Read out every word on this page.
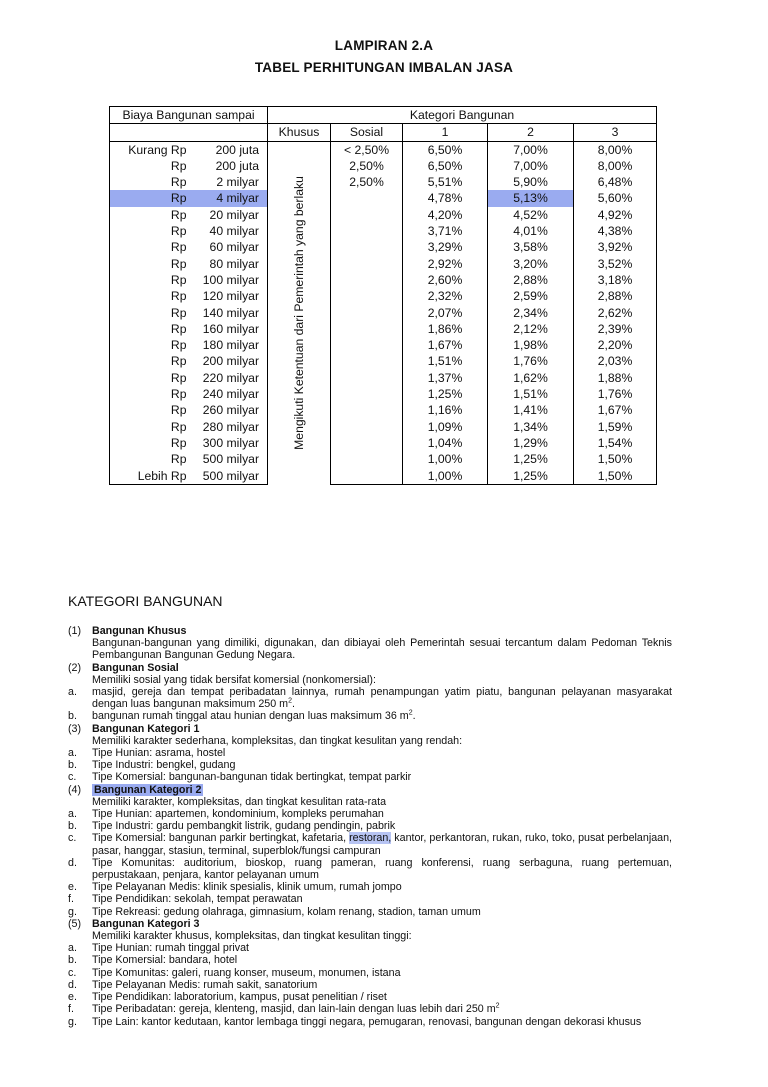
LAMPIRAN 2.A
TABEL PERHITUNGAN IMBALAN JASA
Biaya Bangunan sampai		Kategori Bangunan				
		Khusus	Sosial	1	2	3
Kurang Rp	200 juta	Mengikuti Ketentuan dari Pemerintah yang berlaku	< 2,50%	6,50%	7,00%	8,00%
Rp	200 juta		2,50%	6,50%	7,00%	8,00%
Rp	2 milyar		2,50%	5,51%	5,90%	6,48%
Rp	4 milyar			4,78%	5,13%	5,60%
Rp	20 milyar			4,20%	4,52%	4,92%
Rp	40 milyar			3,71%	4,01%	4,38%
Rp	60 milyar			3,29%	3,58%	3,92%
Rp	80 milyar			2,92%	3,20%	3,52%
Rp	100 milyar			2,60%	2,88%	3,18%
Rp	120 milyar			2,32%	2,59%	2,88%
Rp	140 milyar			2,07%	2,34%	2,62%
Rp	160 milyar			1,86%	2,12%	2,39%
Rp	180 milyar			1,67%	1,98%	2,20%
Rp	200 milyar			1,51%	1,76%	2,03%
Rp	220 milyar			1,37%	1,62%	1,88%
Rp	240 milyar			1,25%	1,51%	1,76%
Rp	260 milyar			1,16%	1,41%	1,67%
Rp	280 milyar			1,09%	1,34%	1,59%
Rp	300 milyar			1,04%	1,29%	1,54%
Rp	500 milyar			1,00%	1,25%	1,50%
Lebih Rp	500 milyar			1,00%	1,25%	1,50%
KATEGORI BANGUNAN
(1) Bangunan Khusus
Bangunan-bangunan yang dimiliki, digunakan, dan dibiayai oleh Pemerintah sesuai tercantum dalam Pedoman Teknis Pembangunan Bangunan Gedung Negara.
(2) Bangunan Sosial
Memiliki sosial yang tidak bersifat komersial (nonkomersial):
a. masjid, gereja dan tempat peribadatan lainnya, rumah penampungan yatim piatu, bangunan pelayanan masyarakat dengan luas bangunan maksimum 250 $m^2$.
b. bangunan rumah tinggal atau hunian dengan luas maksimum 36 $m^2$.
(3) Bangunan Kategori 1
Memiliki karakter sederhana, kompleksitas, dan tingkat kesulitan yang rendah:
a. Tipe Hunian: asrama, hostel
b. Tipe Industri: bengkel, gudang
c. Tipe Komersial: bangunan-bangunan tidak bertingkat, tempat parkir
(4) Bangunan Kategori 2
Memiliki karakter, kompleksitas, dan tingkat kesulitan rata-rata
a. Tipe Hunian: apartemen, kondominium, kompleks perumahan
b. Tipe Industri: gardu pembangkit listrik, gudang pendingin, pabrik
c. Tipe Komersial: bangunan parkir bertingkat, kafetaria, restoran, kantor, perkantoran, rukan, ruko, toko, pusat perbelanjaan, pasar, hanggar, stasiun, terminal, superblok/fungsi campuran
d. Tipe Komunitas: auditorium, bioskop, ruang pameran, ruang konferensi, ruang serbaguna, ruang pertemuan, perpustakaan, penjara, kantor pelayanan umum
e. Tipe Pelayanan Medis: klinik spesialis, klinik umum, rumah jompo
f. Tipe Pendidikan: sekolah, tempat perawatan
g. Tipe Rekreasi: gedung olahraga, gimnasium, kolam renang, stadion, taman umum
(5) Bangunan Kategori 3
Memiliki karakter khusus, kompleksitas, dan tingkat kesulitan tinggi:
a. Tipe Hunian: rumah tinggal privat
b. Tipe Komersial: bandara, hotel
c. Tipe Komunitas: galeri, ruang konser, museum, monumen, istana
d. Tipe Pelayanan Medis: rumah sakit, sanatorium
e. Tipe Pendidikan: laboratorium, kampus, pusat penelitian / riset
f. Tipe Peribadatan: gereja, klenteng, masjid, dan lain-lain dengan luas lebih dari 250 $m^2$
g. Tipe Lain: kantor kedutaan, kantor lembaga tinggi negara, pemugaran, renovasi, bangunan dengan dekorasi khusus
